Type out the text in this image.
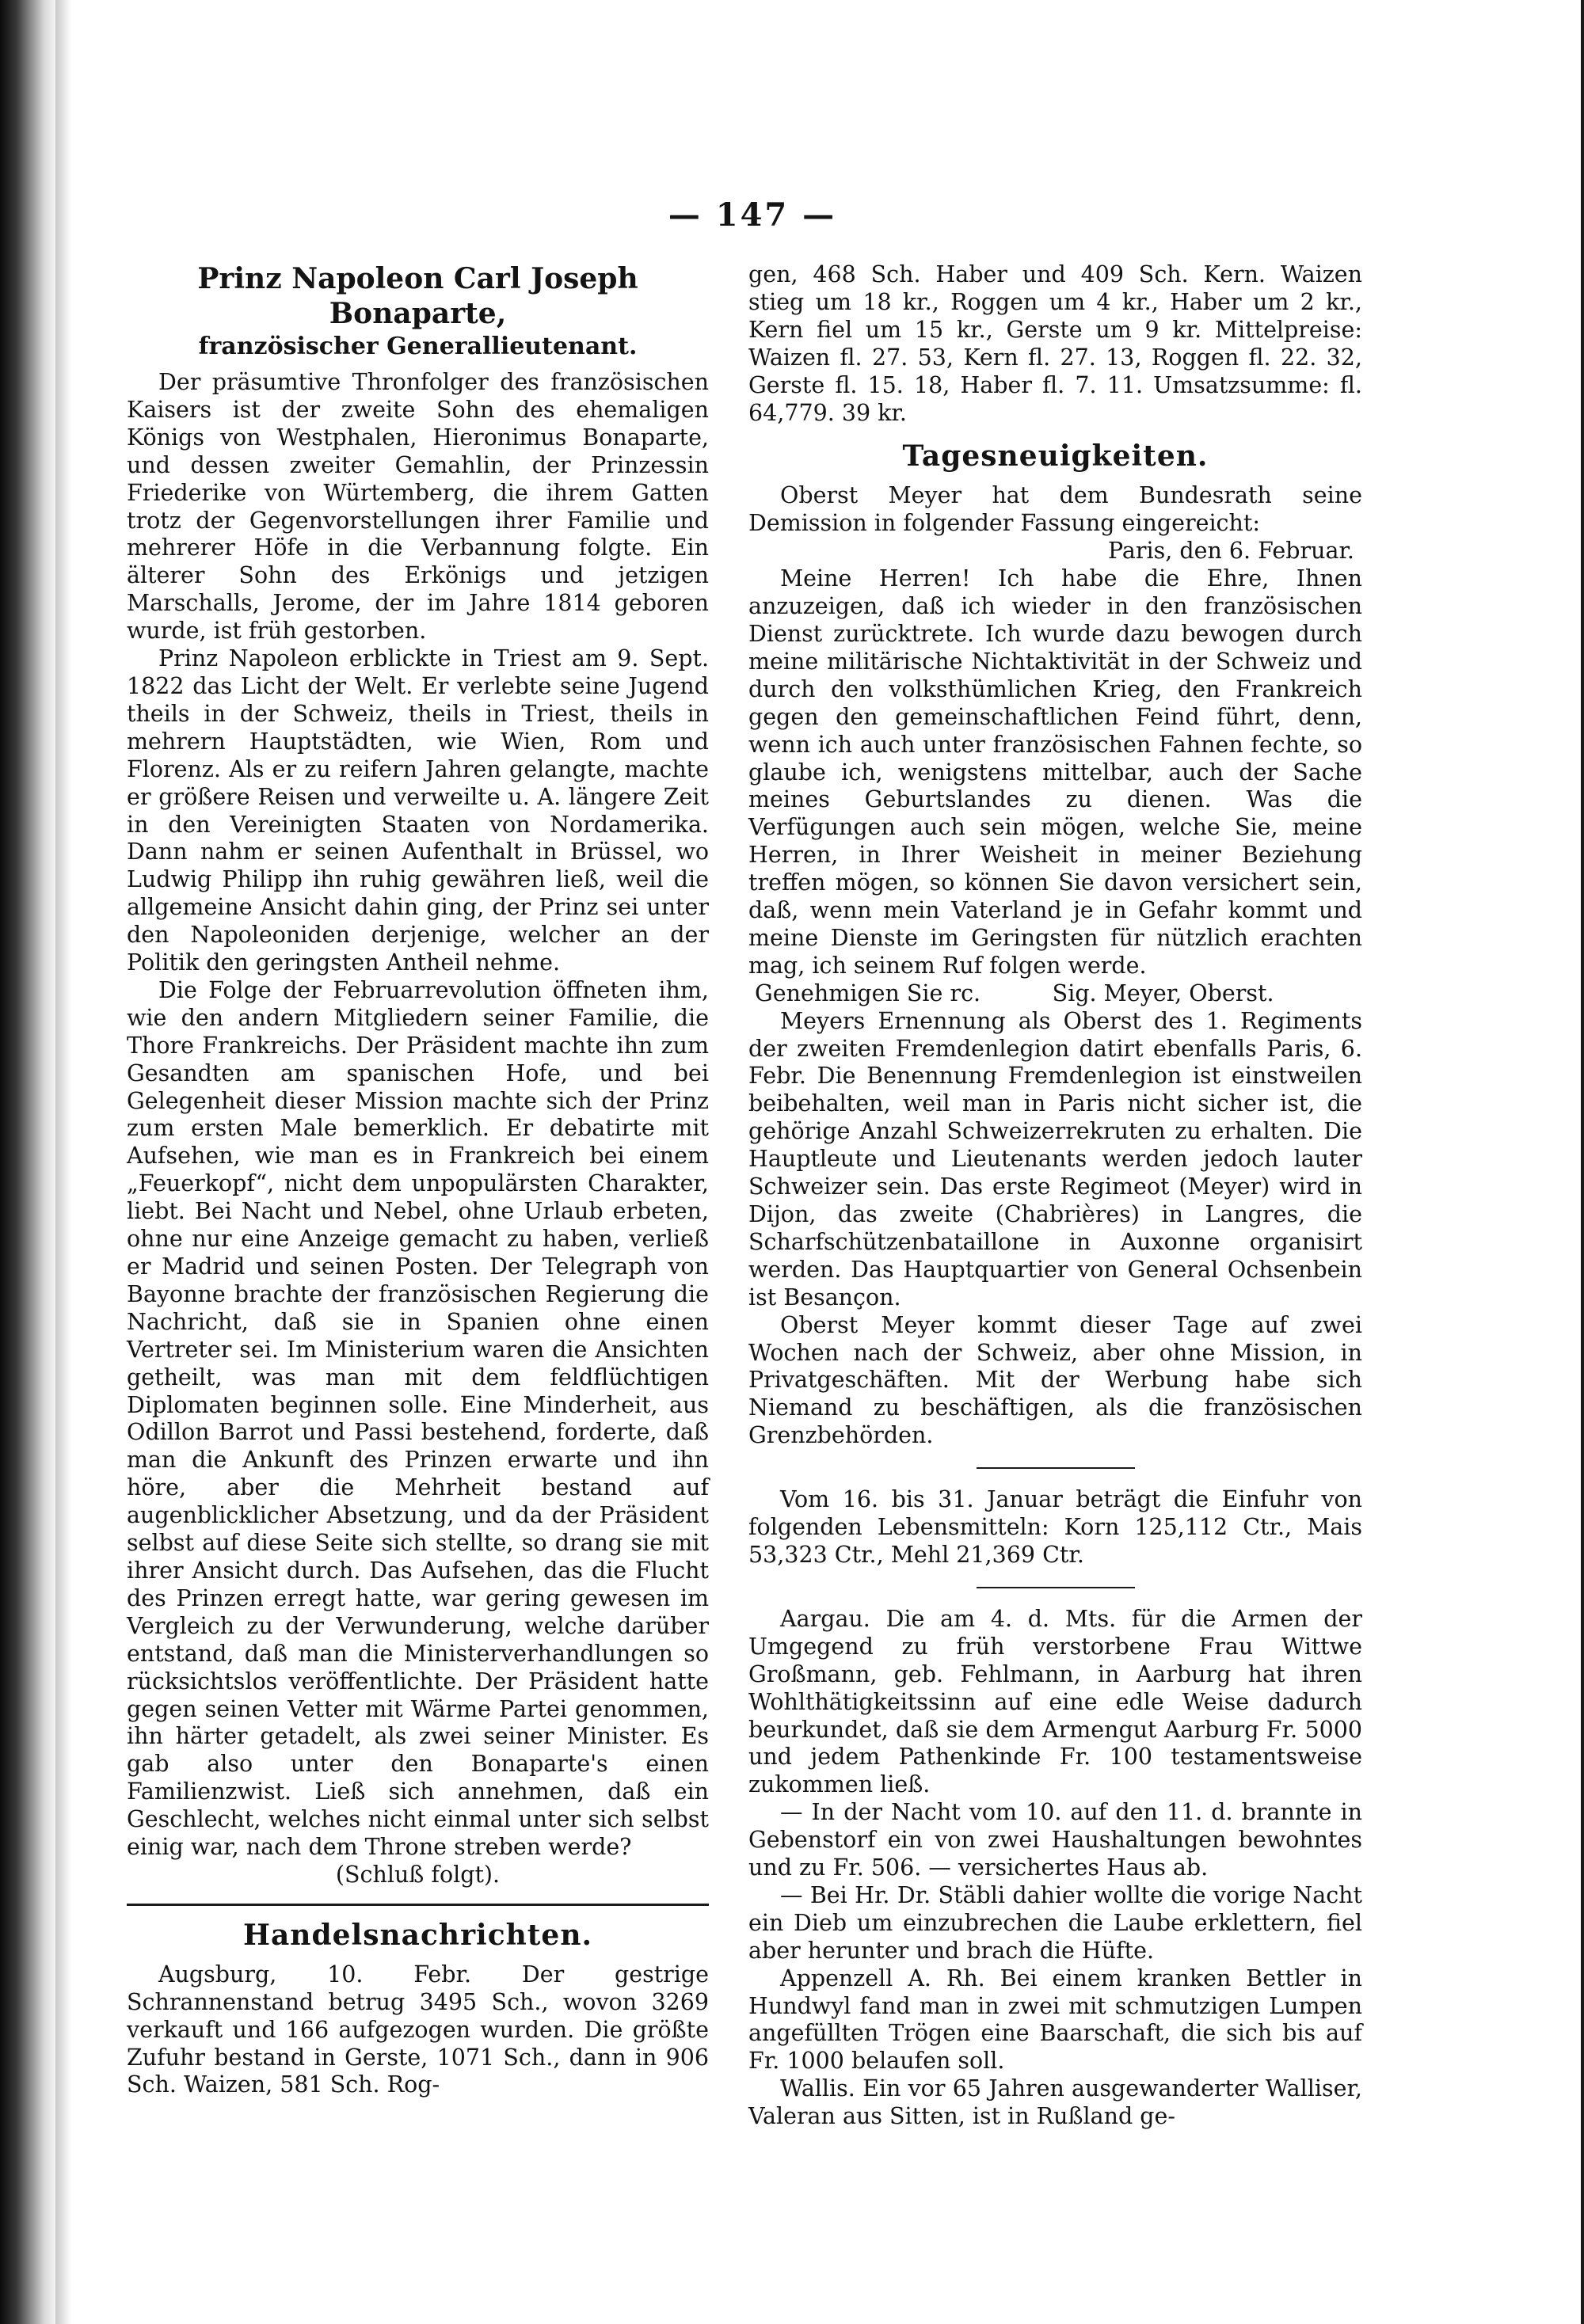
— 147 —

Prinz Napoleon Carl Joseph Bonaparte,

französischer Generallieutenant.

Der präsumtive Thronfolger des französischen Kaisers ist der zweite Sohn des ehemaligen Königs von Westphalen, Hieronimus Bonaparte, und dessen zweiter Gemahlin, der Prinzessin Friederike von Würtemberg, die ihrem Gatten trotz der Gegenvorstellungen ihrer Familie und mehrerer Höfe in die Verbannung folgte. Ein älterer Sohn des Erkönigs und jetzigen Marschalls, Jerome, der im Jahre 1814 geboren wurde, ist früh gestorben.

Prinz Napoleon erblickte in Triest am 9. Sept. 1822 das Licht der Welt. Er verlebte seine Jugend theils in der Schweiz, theils in Triest, theils in mehrern Hauptstädten, wie Wien, Rom und Florenz. Als er zu reifern Jahren gelangte, machte er größere Reisen und verweilte u. A. längere Zeit in den Vereinigten Staaten von Nordamerika. Dann nahm er seinen Aufenthalt in Brüssel, wo Ludwig Philipp ihn ruhig gewähren ließ, weil die allgemeine Ansicht dahin ging, der Prinz sei unter den Napoleoniden derjenige, welcher an der Politik den geringsten Antheil nehme.

Die Folge der Februarrevolution öffneten ihm, wie den andern Mitgliedern seiner Familie, die Thore Frankreichs. Der Präsident machte ihn zum Gesandten am spanischen Hofe, und bei Gelegenheit dieser Mission machte sich der Prinz zum ersten Male bemerklich. Er debatirte mit Aufsehen, wie man es in Frankreich bei einem „Feuerkopf“, nicht dem unpopulärsten Charakter, liebt. Bei Nacht und Nebel, ohne Urlaub erbeten, ohne nur eine Anzeige gemacht zu haben, verließ er Madrid und seinen Posten. Der Telegraph von Bayonne brachte der französischen Regierung die Nachricht, daß sie in Spanien ohne einen Vertreter sei. Im Ministerium waren die Ansichten getheilt, was man mit dem feldflüchtigen Diplomaten beginnen solle. Eine Minderheit, aus Odillon Barrot und Passi bestehend, forderte, daß man die Ankunft des Prinzen erwarte und ihn höre, aber die Mehrheit bestand auf augenblicklicher Absetzung, und da der Präsident selbst auf diese Seite sich stellte, so drang sie mit ihrer Ansicht durch. Das Aufsehen, das die Flucht des Prinzen erregt hatte, war gering gewesen im Vergleich zu der Verwunderung, welche darüber entstand, daß man die Ministerverhandlungen so rücksichtslos veröffentlichte. Der Präsident hatte gegen seinen Vetter mit Wärme Partei genommen, ihn härter getadelt, als zwei seiner Minister. Es gab also unter den Bonaparte's einen Familienzwist. Ließ sich annehmen, daß ein Geschlecht, welches nicht einmal unter sich selbst einig war, nach dem Throne streben werde?

(Schluß folgt).

Handelsnachrichten.

Augsburg, 10. Febr. Der gestrige Schrannenstand betrug 3495 Sch., wovon 3269 verkauft und 166 aufgezogen wurden. Die größte Zufuhr bestand in Gerste, 1071 Sch., dann in 906 Sch. Waizen, 581 Sch. Rog-

gen, 468 Sch. Haber und 409 Sch. Kern. Waizen stieg um 18 kr., Roggen um 4 kr., Haber um 2 kr., Kern fiel um 15 kr., Gerste um 9 kr. Mittelpreise: Waizen fl. 27. 53, Kern fl. 27. 13, Roggen fl. 22. 32, Gerste fl. 15. 18, Haber fl. 7. 11. Umsatzsumme: fl. 64,779. 39 kr.

Tagesneuigkeiten.

Oberst Meyer hat dem Bundesrath seine Demission in folgender Fassung eingereicht:

Paris, den 6. Februar.

Meine Herren! Ich habe die Ehre, Ihnen anzuzeigen, daß ich wieder in den französischen Dienst zurücktrete. Ich wurde dazu bewogen durch meine militärische Nichtaktivität in der Schweiz und durch den volksthümlichen Krieg, den Frankreich gegen den gemeinschaftlichen Feind führt, denn, wenn ich auch unter französischen Fahnen fechte, so glaube ich, wenigstens mittelbar, auch der Sache meines Geburtslandes zu dienen. Was die Verfügungen auch sein mögen, welche Sie, meine Herren, in Ihrer Weisheit in meiner Beziehung treffen mögen, so können Sie davon versichert sein, daß, wenn mein Vaterland je in Gefahr kommt und meine Dienste im Geringsten für nützlich erachten mag, ich seinem Ruf folgen werde.

Genehmigen Sie rc.          Sig. Meyer, Oberst.

Meyers Ernennung als Oberst des 1. Regiments der zweiten Fremdenlegion datirt ebenfalls Paris, 6. Febr. Die Benennung Fremdenlegion ist einstweilen beibehalten, weil man in Paris nicht sicher ist, die gehörige Anzahl Schweizerrekruten zu erhalten. Die Hauptleute und Lieutenants werden jedoch lauter Schweizer sein. Das erste Regimeot (Meyer) wird in Dijon, das zweite (Chabrières) in Langres, die Scharfschützenbataillone in Auxonne organisirt werden. Das Hauptquartier von General Ochsenbein ist Besançon.

Oberst Meyer kommt dieser Tage auf zwei Wochen nach der Schweiz, aber ohne Mission, in Privatgeschäften. Mit der Werbung habe sich Niemand zu beschäftigen, als die französischen Grenzbehörden.

Vom 16. bis 31. Januar beträgt die Einfuhr von folgenden Lebensmitteln: Korn 125,112 Ctr., Mais 53,323 Ctr., Mehl 21,369 Ctr.

Aargau. Die am 4. d. Mts. für die Armen der Umgegend zu früh verstorbene Frau Wittwe Großmann, geb. Fehlmann, in Aarburg hat ihren Wohlthätigkeitssinn auf eine edle Weise dadurch beurkundet, daß sie dem Armengut Aarburg Fr. 5000 und jedem Pathenkinde Fr. 100 testamentsweise zukommen ließ.

— In der Nacht vom 10. auf den 11. d. brannte in Gebenstorf ein von zwei Haushaltungen bewohntes und zu Fr. 506. — versichertes Haus ab.

— Bei Hr. Dr. Stäbli dahier wollte die vorige Nacht ein Dieb um einzubrechen die Laube erklettern, fiel aber herunter und brach die Hüfte.

Appenzell A. Rh. Bei einem kranken Bettler in Hundwyl fand man in zwei mit schmutzigen Lumpen angefüllten Trögen eine Baarschaft, die sich bis auf Fr. 1000 belaufen soll.

Wallis. Ein vor 65 Jahren ausgewanderter Walliser, Valeran aus Sitten, ist in Rußland ge-
